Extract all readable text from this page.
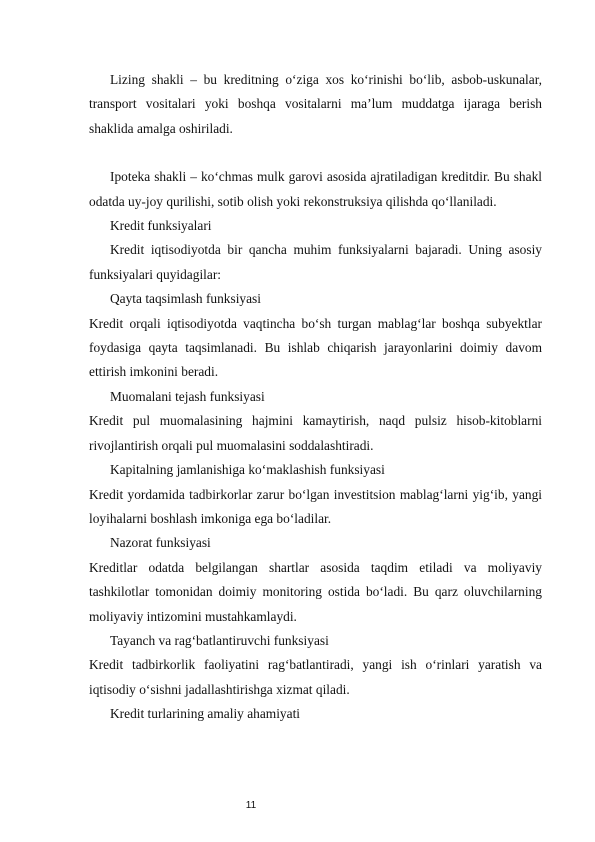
Lizing shakli – bu kreditning o‘ziga xos ko‘rinishi bo‘lib, asbob-uskunalar, transport vositalari yoki boshqa vositalarni ma’lum muddatga ijaraga berish shaklida amalga oshiriladi.

Ipoteka shakli – ko‘chmas mulk garovi asosida ajratiladigan kreditdir. Bu shakl odatda uy-joy qurilishi, sotib olish yoki rekonstruksiya qilishda qo‘llaniladi.

Kredit funksiyalari

Kredit iqtisodiyotda bir qancha muhim funksiyalarni bajaradi. Uning asosiy funksiyalari quyidagilar:

Qayta taqsimlash funksiyasi

Kredit orqali iqtisodiyotda vaqtincha bo‘sh turgan mablag‘lar boshqa subyektlar foydasiga qayta taqsimlanadi. Bu ishlab chiqarish jarayonlarini doimiy davom ettirish imkonini beradi.

Muomalani tejash funksiyasi

Kredit pul muomalasining hajmini kamaytirish, naqd pulsiz hisob-kitoblarni rivojlantirish orqali pul muomalasini soddalashtiradi.

Kapitalning jamlanishiga ko‘maklashish funksiyasi

Kredit yordamida tadbirkorlar zarur bo‘lgan investitsion mablag‘larni yig‘ib, yangi loyihalarni boshlash imkoniga ega bo‘ladilar.

Nazorat funksiyasi

Kreditlar odatda belgilangan shartlar asosida taqdim etiladi va moliyaviy tashkilotlar tomonidan doimiy monitoring ostida bo‘ladi. Bu qarz oluvchilarning moliyaviy intizomini mustahkamlaydi.

Tayanch va rag‘batlantiruvchi funksiyasi

Kredit tadbirkorlik faoliyatini rag‘batlantiradi, yangi ish o‘rinlari yaratish va iqtisodiy o‘sishni jadallashtirishga xizmat qiladi.

Kredit turlarining amaliy ahamiyati

11
